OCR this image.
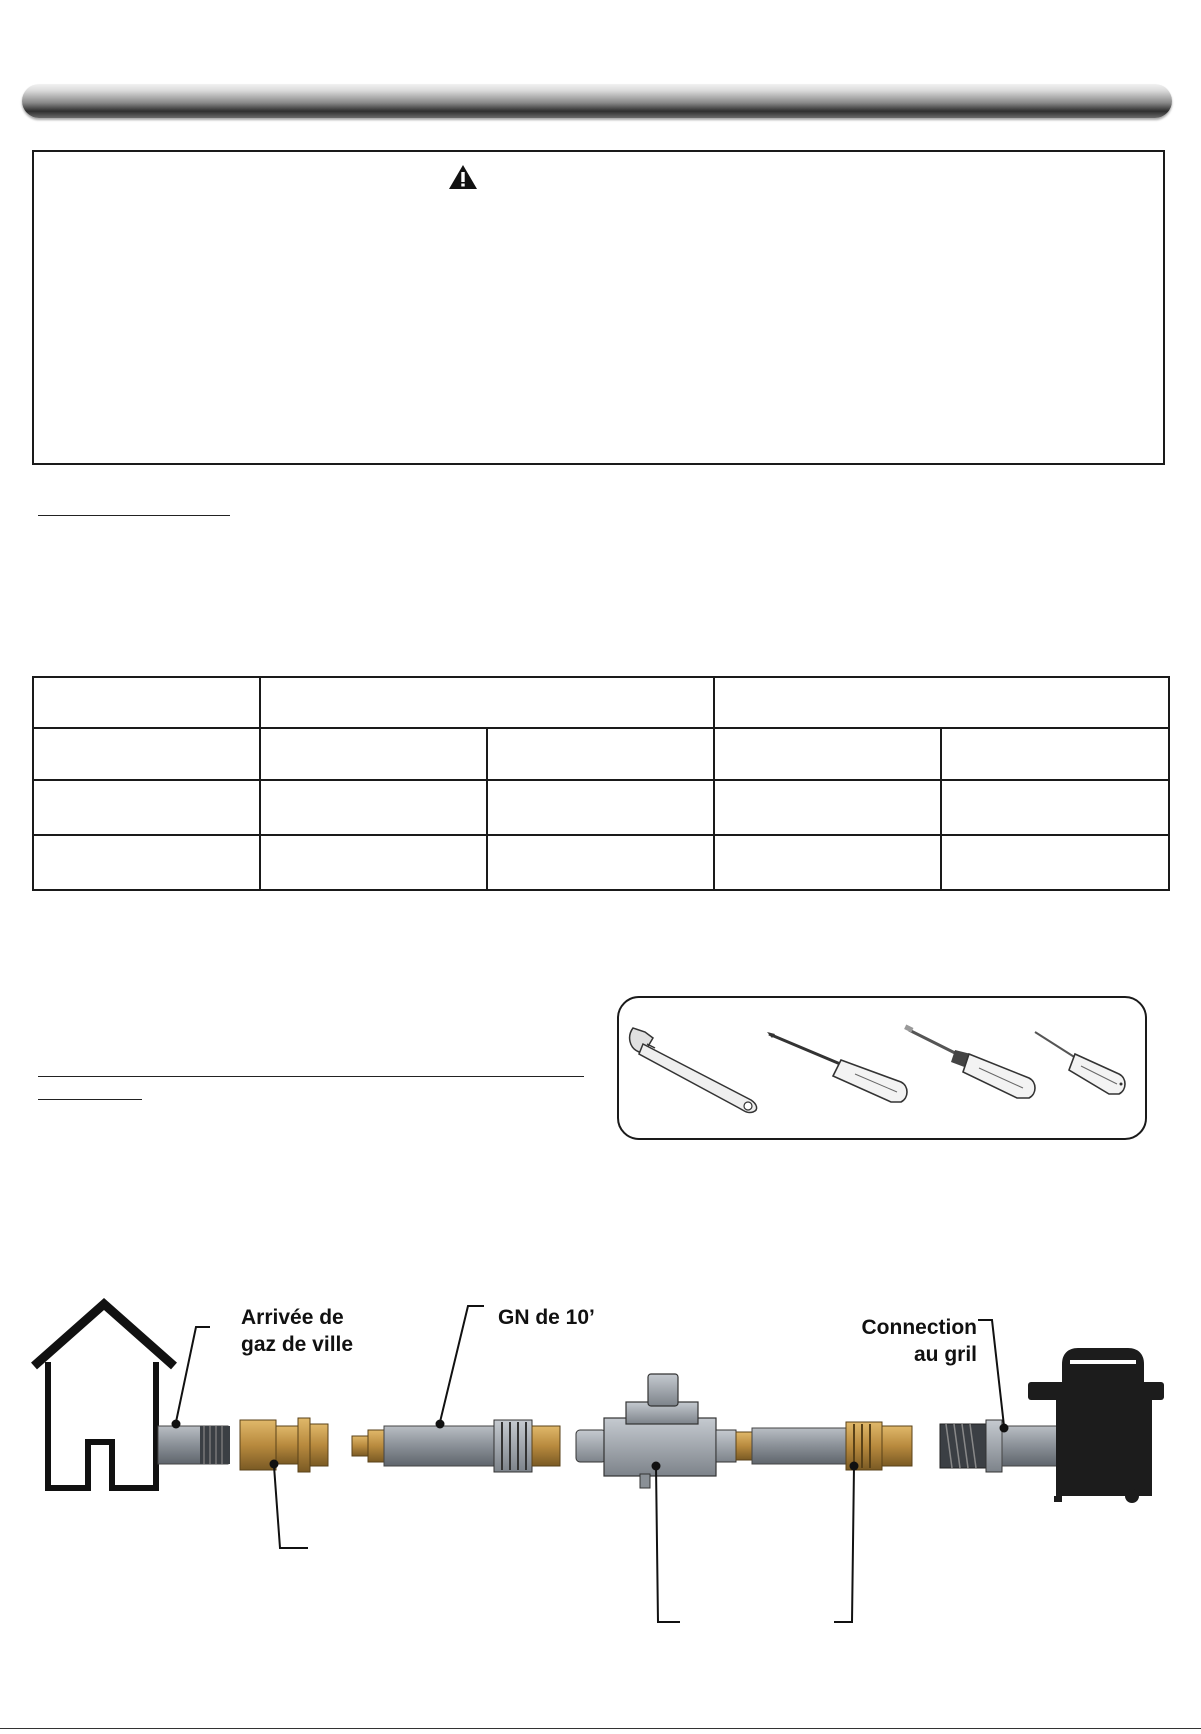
Arrivée de
gaz de ville
GN de 10’	Connection
au gril
